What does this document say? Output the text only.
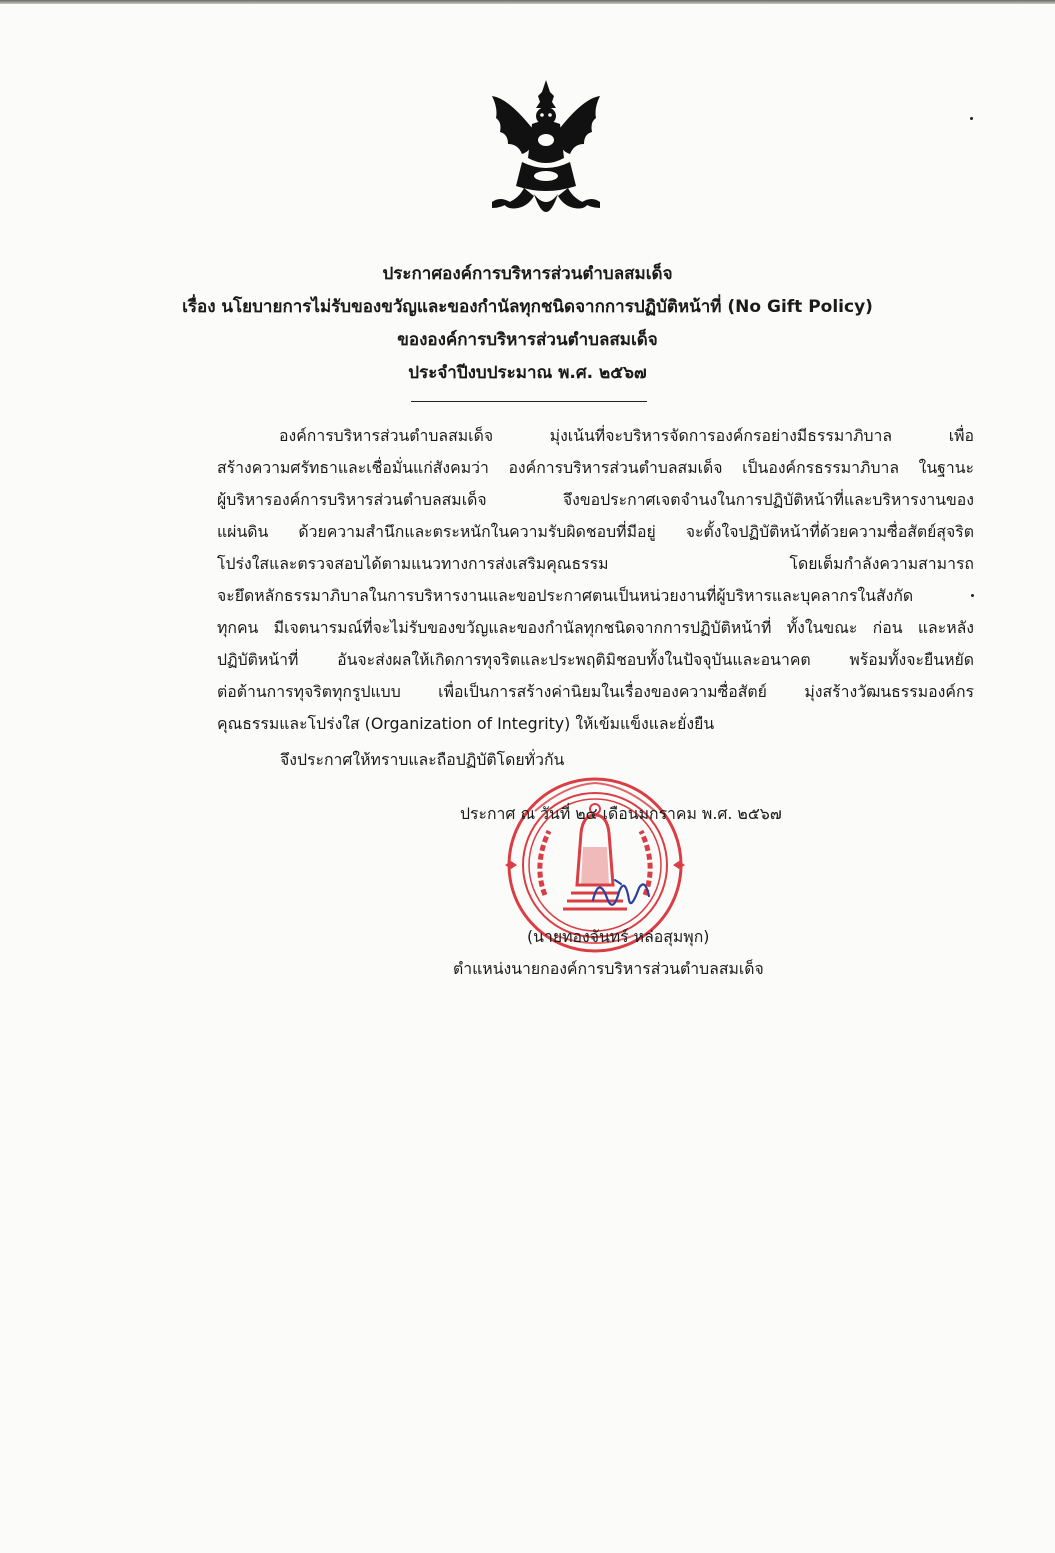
ประกาศองค์การบริหารส่วนตำบลสมเด็จ
เรื่อง นโยบายการไม่รับของขวัญและของกำนัลทุกชนิดจากการปฏิบัติหน้าที่ (No Gift Policy)
ขององค์การบริหารส่วนตำบลสมเด็จ
ประจำปีงบประมาณ พ.ศ. ๒๕๖๗
องค์การบริหารส่วนตำบลสมเด็จ มุ่งเน้นที่จะบริหารจัดการองค์กรอย่างมีธรรมาภิบาล เพื่อ
สร้างความศรัทธาและเชื่อมั่นแก่สังคมว่า องค์การบริหารส่วนตำบลสมเด็จ เป็นองค์กรธรรมาภิบาล ในฐานะ
ผู้บริหารองค์การบริหารส่วนตำบลสมเด็จ จึงขอประกาศเจตจำนงในการปฏิบัติหน้าที่และบริหารงานของ
แผ่นดิน ด้วยความสำนึกและตระหนักในความรับผิดชอบที่มีอยู่ จะตั้งใจปฏิบัติหน้าที่ด้วยความซื่อสัตย์สุจริต
โปร่งใสและตรวจสอบได้ตามแนวทางการส่งเสริมคุณธรรม โดยเต็มกำลังความสามารถ
จะยึดหลักธรรมาภิบาลในการบริหารงานและขอประกาศตนเป็นหน่วยงานที่ผู้บริหารและบุคลากรในสังกัด
ทุกคน มีเจตนารมณ์ที่จะไม่รับของขวัญและของกำนัลทุกชนิดจากการปฏิบัติหน้าที่ ทั้งในขณะ ก่อน และหลัง
ปฏิบัติหน้าที่ อันจะส่งผลให้เกิดการทุจริตและประพฤติมิชอบทั้งในปัจจุบันและอนาคต พร้อมทั้งจะยืนหยัด
ต่อต้านการทุจริตทุกรูปแบบ เพื่อเป็นการสร้างค่านิยมในเรื่องของความซื่อสัตย์ มุ่งสร้างวัฒนธรรมองค์กร
คุณธรรมและโปร่งใส (Organization of Integrity) ให้เข้มแข็งและยั่งยืน
จึงประกาศให้ทราบและถือปฏิบัติโดยทั่วกัน
ประกาศ ณ วันที่ ๒๔ เดือนมกราคม พ.ศ. ๒๕๖๗
(นายทองจันทร์ หล่อสุมพุก)
ตำแหน่งนายกองค์การบริหารส่วนตำบลสมเด็จ
